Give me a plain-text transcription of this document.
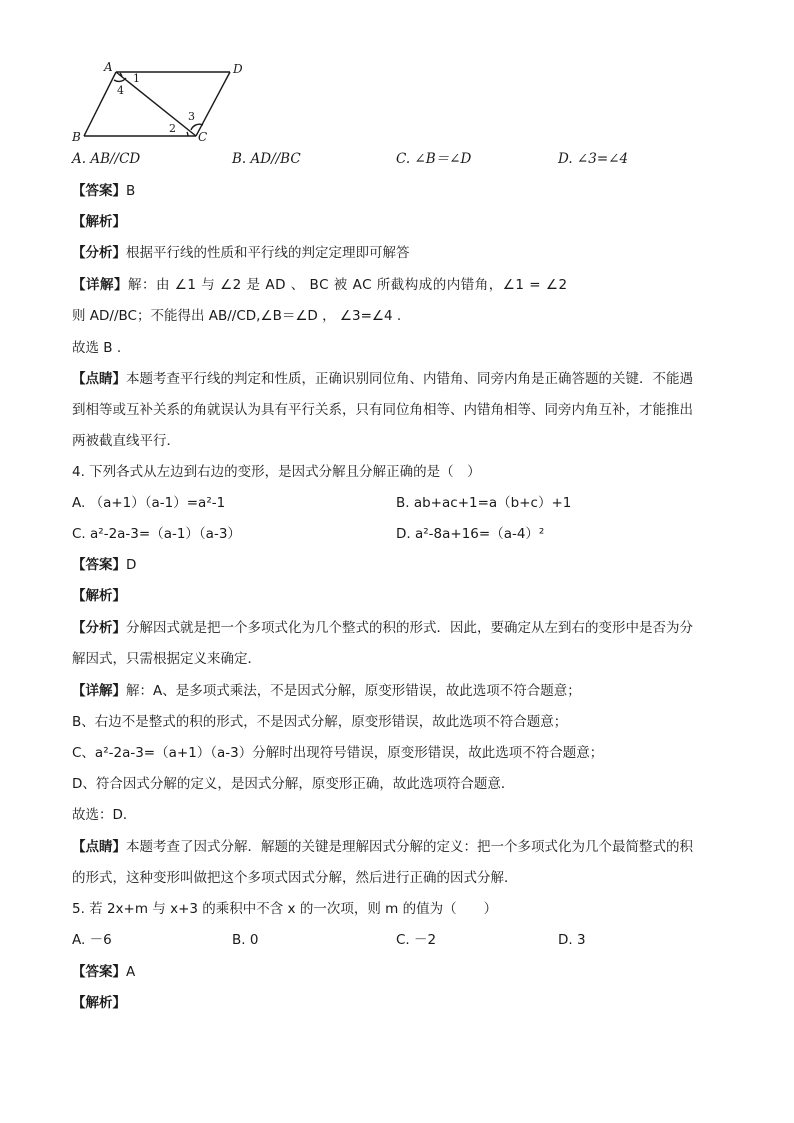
A	D
B	C
1
4
3
2
A. AB//CD	B. AD//BC	C. ∠B＝∠D	D. ∠3=∠4
【答案】B
【解析】
【分析】根据平行线的性质和平行线的判定定理即可解答
【详解】解：由 ∠1 与 ∠2 是 AD 、 BC 被 AC 所截构成的内错角，∠1 = ∠2
则 AD//BC；不能得出 AB//CD,∠B＝∠D ， ∠3=∠4 .
故选 B .
【点睛】本题考查平行线的判定和性质，正确识别同位角、内错角、同旁内角是正确答题的关键．不能遇
到相等或互补关系的角就误认为具有平行关系，只有同位角相等、内错角相等、同旁内角互补，才能推出
两被截直线平行．
4. 下列各式从左边到右边的变形，是因式分解且分解正确的是（　）
A. （a+1）（a-1）=a²-1	B. ab+ac+1=a（b+c）+1
C. a²-2a-3=（a-1）（a-3）	D. a²-8a+16=（a-4）²
【答案】D
【解析】
【分析】分解因式就是把一个多项式化为几个整式的积的形式．因此，要确定从左到右的变形中是否为分
解因式，只需根据定义来确定．
【详解】解：A、是多项式乘法，不是因式分解，原变形错误，故此选项不符合题意；
B、右边不是整式的积的形式，不是因式分解，原变形错误，故此选项不符合题意；
C、a²-2a-3=（a+1）（a-3）分解时出现符号错误，原变形错误，故此选项不符合题意；
D、符合因式分解的定义，是因式分解，原变形正确，故此选项符合题意．
故选：D．
【点睛】本题考查了因式分解．解题的关键是理解因式分解的定义：把一个多项式化为几个最简整式的积
的形式，这种变形叫做把这个多项式因式分解，然后进行正确的因式分解．
5. 若 2x+m 与 x+3 的乘积中不含 x 的一次项，则 m 的值为（　　）
A. －6	B. 0	C. －2	D. 3
【答案】A
【解析】
